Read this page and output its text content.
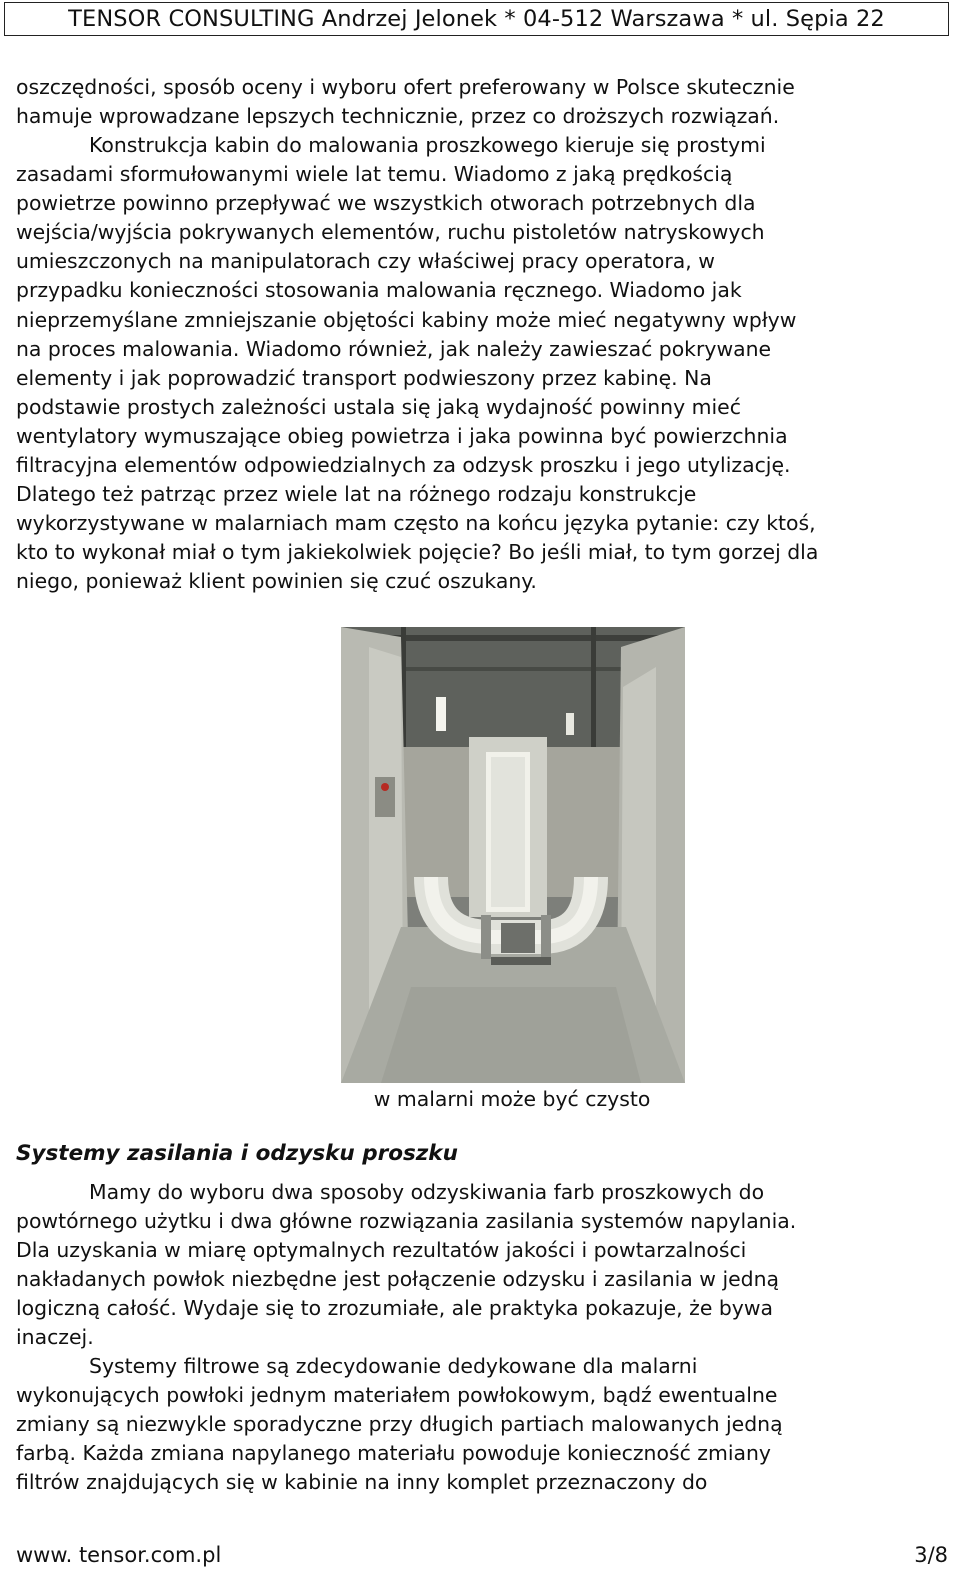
TENSOR CONSULTING Andrzej Jelonek * 04-512 Warszawa * ul. Sępia 22
oszczędności, sposób oceny i wyboru ofert preferowany w Polsce skutecznie
hamuje wprowadzane lepszych technicznie, przez co droższych rozwiązań.
Konstrukcja kabin do malowania proszkowego kieruje się prostymi
zasadami sformułowanymi wiele lat temu. Wiadomo z jaką prędkością
powietrze powinno przepływać we wszystkich otworach potrzebnych dla
wejścia/wyjścia pokrywanych elementów, ruchu pistoletów natryskowych
umieszczonych na manipulatorach czy właściwej pracy operatora, w
przypadku konieczności stosowania malowania ręcznego. Wiadomo jak
nieprzemyślane zmniejszanie objętości kabiny może mieć negatywny wpływ
na proces malowania. Wiadomo również, jak należy zawieszać pokrywane
elementy i jak poprowadzić transport podwieszony przez kabinę. Na
podstawie prostych zależności ustala się jaką wydajność powinny mieć
wentylatory wymuszające obieg powietrza i jaka powinna być powierzchnia
filtracyjna elementów odpowiedzialnych za odzysk proszku i jego utylizację.
Dlatego też patrząc przez wiele lat na różnego rodzaju konstrukcje
wykorzystywane w malarniach mam często na końcu języka pytanie: czy ktoś,
kto to wykonał miał o tym jakiekolwiek pojęcie? Bo jeśli miał, to tym gorzej dla
niego, ponieważ klient powinien się czuć oszukany.
w malarni może być czysto
Systemy zasilania i odzysku proszku
Mamy do wyboru dwa sposoby odzyskiwania farb proszkowych do
powtórnego użytku i dwa główne rozwiązania zasilania systemów napylania.
Dla uzyskania w miarę optymalnych rezultatów jakości i powtarzalności
nakładanych powłok niezbędne jest połączenie odzysku i zasilania w jedną
logiczną całość. Wydaje się to zrozumiałe, ale praktyka pokazuje, że bywa
inaczej.
Systemy filtrowe są zdecydowanie dedykowane dla malarni
wykonujących powłoki jednym materiałem powłokowym, bądź ewentualne
zmiany są niezwykle sporadyczne przy długich partiach malowanych jedną
farbą. Każda zmiana napylanego materiału powoduje konieczność zmiany
filtrów znajdujących się w kabinie na inny komplet przeznaczony do
www. tensor.com.pl	3/8
